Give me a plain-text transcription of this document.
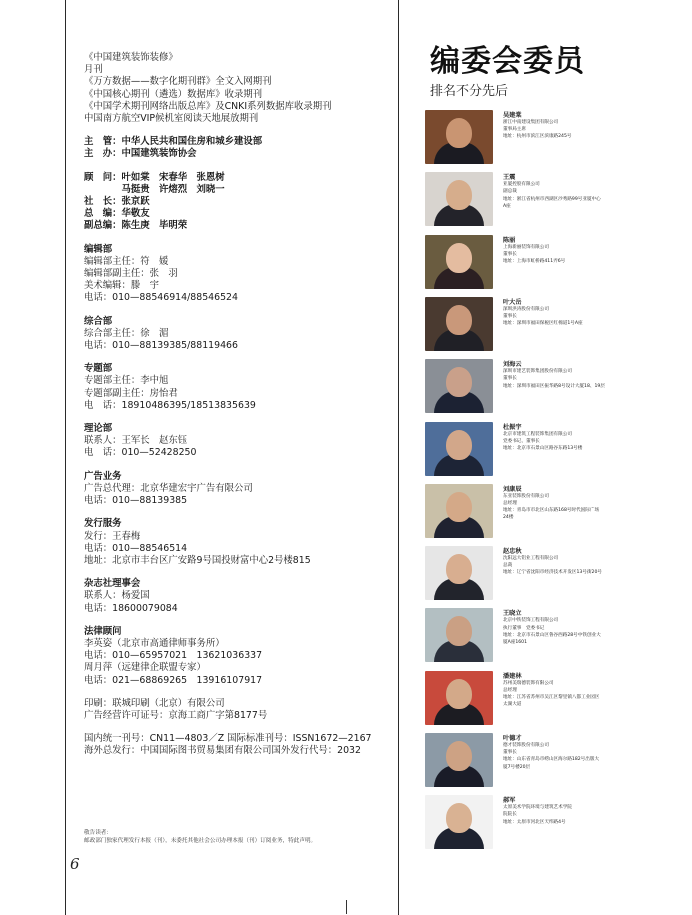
《中国建筑装饰装修》
月刊
《万方数据——数字化期刊群》全文入网期刊
《中国核心期刊（遴选）数据库》收录期刊
《中国学术期刊网络出版总库》及CNKI系列数据库收录期刊
中国南方航空VIP候机室阅读天地展放期刊
主　管：中华人民共和国住房和城乡建设部
主　办：中国建筑装饰协会
顾　问：叶如棠　宋春华　张恩树
　　　　马挺贵　许熔烈　刘晓一
社　长：张京跃
总　编：华敬友
副总编：陈生庚　毕明荣
编辑部
编辑部主任：符　媛
编辑部副主任：张　羽
美术编辑：滕　宇
电话：010—88546914/88546524
综合部
综合部主任：徐　湄
电话：010—88139385/88119466
专题部
专题部主任：李中旭
专题部副主任：房怡君
电　话：18910486395/18513835639
理论部
联系人：王军长　赵东钰
电　话：010—52428250
广告业务
广告总代理：北京华建宏宇广告有限公司
电话：010—88139385
发行服务
发行：王春梅
电话：010—88546514
地址：北京市丰台区广安路9号国投财富中心2号楼815
杂志社理事会
联系人：杨爱国
电话：18600079084
法律顾问
李英姿（北京市高通律师事务所）
电话：010—65957021　13621036337
周月萍（远建律企联盟专家）
电话：021—68869265　13916107917
印刷：联城印刷（北京）有限公司
广告经营许可证号：京海工商广字第8177号
国内统一刊号：CN11—4803／Z 国际标准刊号：ISSN1672—2167
海外总发行：中国国际图书贸易集团有限公司国外发行代号：2032
敬告读者：
邮政部门独家代理发行本报（刊），未委托其他社会公司办理本报（刊）订阅业务，特此声明。
6
编委会委员
排名不分先后
吴建棠
浙江中南建设集团有限公司
董事局主席
地址：杭州市滨江区滨康路245号
王震
亚厦控股有限公司
副总裁
地址：浙江省杭州市西湖区沙秀路99号亚厦中心
A座
陈丽
上海新丽装饰有限公司
董事长
地址：上海市虹桥路411弄6号
叶大岳
深圳洪涛股份有限公司
董事长
地址：深圳市福田保税区红棉道1号A座
刘海云
深圳市建艺装饰集团股份有限公司
董事长
地址：深圳市福田区振华路8号设计大厦18、19层
杜振宇
北京市建筑工程装饰集团有限公司
党委书记、董事长
地址：北京市石景山区路谷东路13号楼
刘康辰
东亚装饰股份有限公司
总经理
地址：青岛市市北区山东路168号时代国际广场
24楼
赵忠秋
沈阳远大铝业工程有限公司
总裁
地址：辽宁省沈阳市经济技术开发区13号街20号
王晓立
北京中铁装饰工程有限公司
执行董事　党委书记
地址：北京市石景山区鲁谷西路28号中铁创业大
厦A座1601
潘建林
苏州美瑞德装饰有限公司
总经理
地址：江苏省苏州市吴江区黎里镇八都工业园区
太湖大道
叶德才
德才装饰股份有限公司
董事长
地址：山东省青岛市崂山区海尔路182号出版大
厦7号楼20层
郝军
太原美术学院环境与建筑艺术学院
院院长
地址：太原市河北区天纬路4号
